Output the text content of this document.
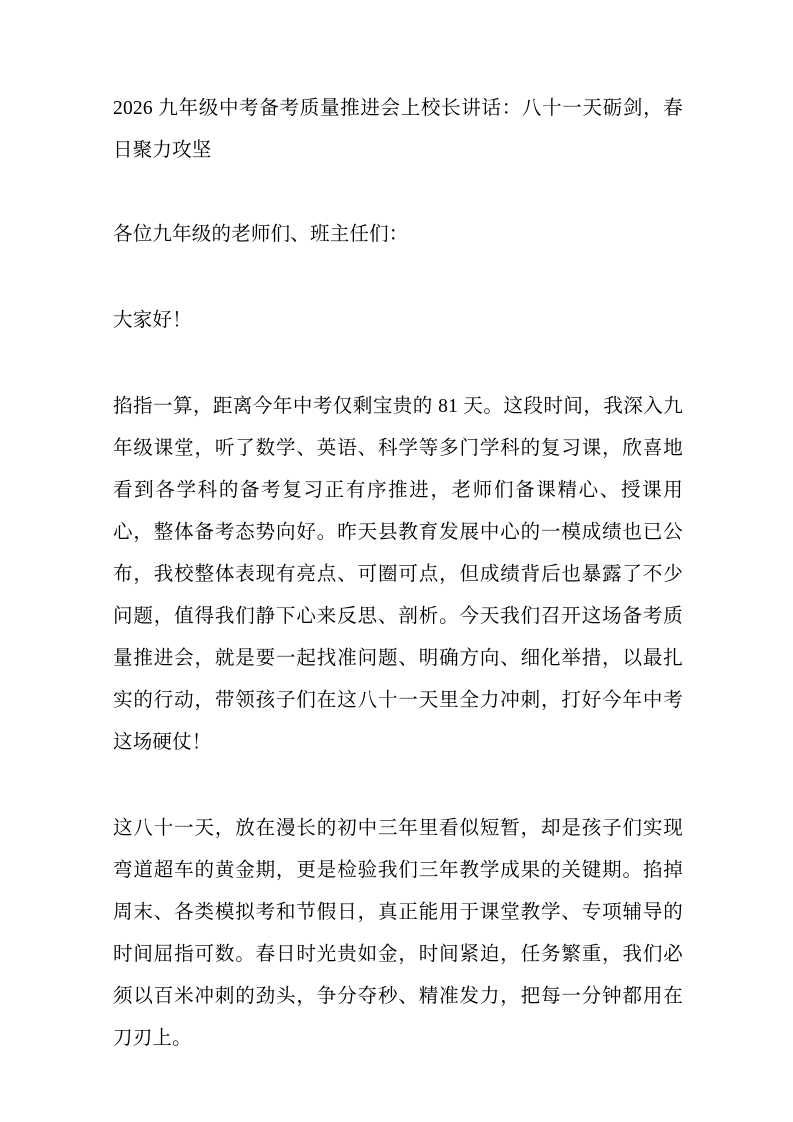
2026 九年级中考备考质量推进会上校长讲话：八十一天砺剑，春日聚力攻坚

各位九年级的老师们、班主任们：

大家好！

掐指一算，距离今年中考仅剩宝贵的 81 天。这段时间，我深入九年级课堂，听了数学、英语、科学等多门学科的复习课，欣喜地看到各学科的备考复习正有序推进，老师们备课精心、授课用心，整体备考态势向好。昨天县教育发展中心的一模成绩也已公布，我校整体表现有亮点、可圈可点，但成绩背后也暴露了不少问题，值得我们静下心来反思、剖析。今天我们召开这场备考质量推进会，就是要一起找准问题、明确方向、细化举措，以最扎实的行动，带领孩子们在这八十一天里全力冲刺，打好今年中考这场硬仗！

这八十一天，放在漫长的初中三年里看似短暂，却是孩子们实现弯道超车的黄金期，更是检验我们三年教学成果的关键期。掐掉周末、各类模拟考和节假日，真正能用于课堂教学、专项辅导的时间屈指可数。春日时光贵如金，时间紧迫，任务繁重，我们必须以百米冲刺的劲头，争分夺秒、精准发力，把每一分钟都用在刀刃上。
